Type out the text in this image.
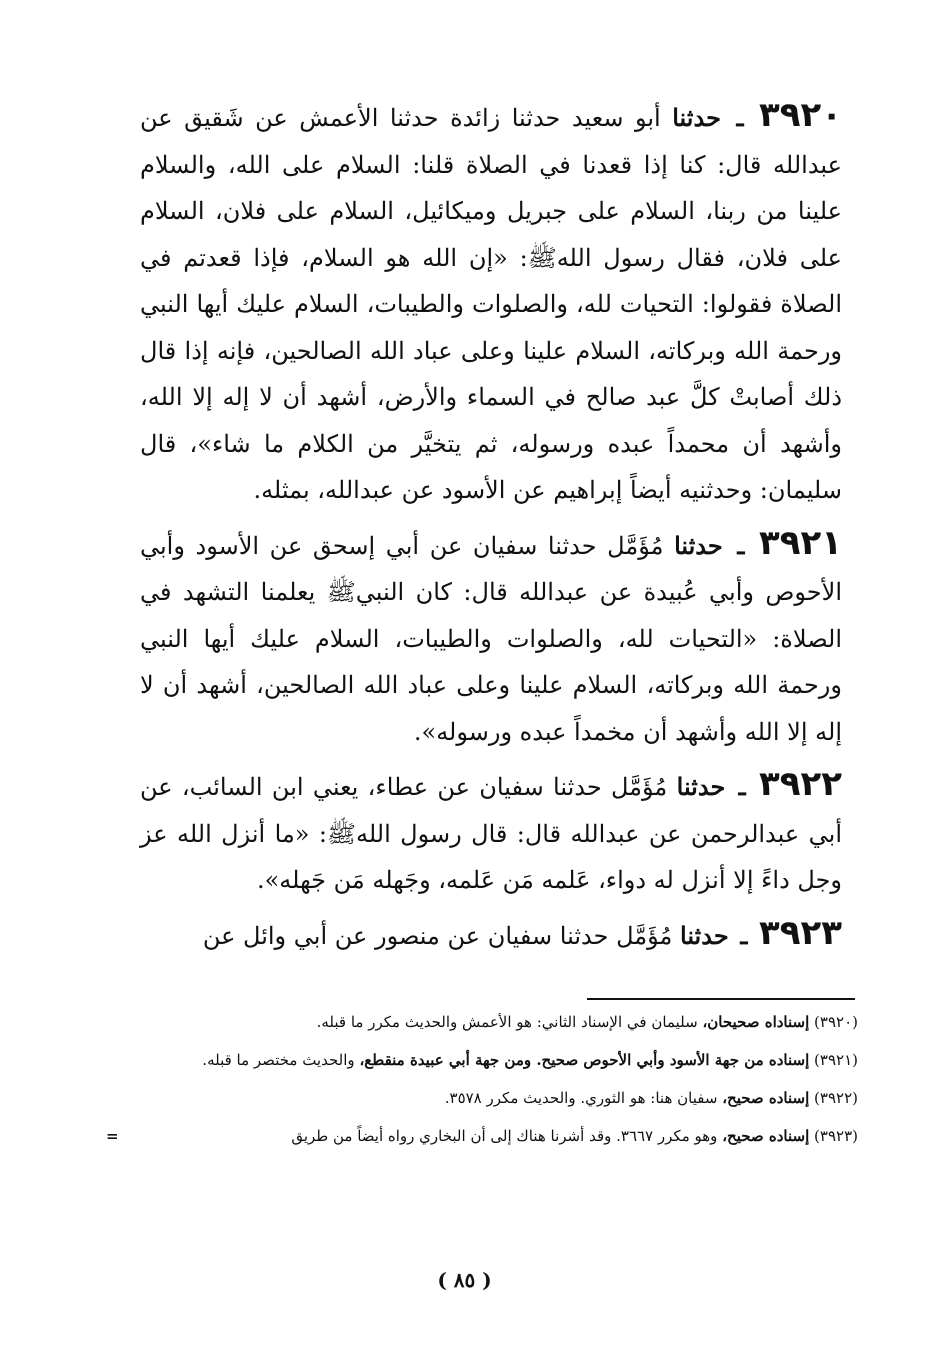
٣٩٢٠ ـ حدثنا أبو سعيد حدثنا زائدة حدثنا الأعمش عن شَقيق عن عبدالله قال: كنا إذا قعدنا في الصلاة قلنا: السلام على الله، والسلام علينا من ربنا، السلام على جبريل وميكائيل، السلام على فلان، السلام على فلان، فقال رسول اللهﷺ: «إن الله هو السلام، فإذا قعدتم في الصلاة فقولوا: التحيات لله، والصلوات والطيبات، السلام عليك أيها النبي ورحمة الله وبركاته، السلام علينا وعلى عباد الله الصالحين، فإنه إذا قال ذلك أصابتْ كلَّ عبد صالح في السماء والأرض، أشهد أن لا إله إلا الله، وأشهد أن محمداً عبده ورسوله، ثم يتخيَّر من الكلام ما شاء»، قال سليمان: وحدثنيه أيضاً إبراهيم عن الأسود عن عبدالله، بمثله.

٣٩٢١ ـ حدثنا مُؤَمَّل حدثنا سفيان عن أبي إسحق عن الأسود وأبي الأحوص وأبي عُبيدة عن عبدالله قال: كان النبيﷺ يعلمنا التشهد في الصلاة: «التحيات لله، والصلوات والطيبات، السلام عليك أيها النبي ورحمة الله وبركاته، السلام علينا وعلى عباد الله الصالحين، أشهد أن لا إله إلا الله وأشهد أن مخمداً عبده ورسوله».

٣٩٢٢ ـ حدثنا مُؤَمَّل حدثنا سفيان عن عطاء، يعني ابن السائب، عن أبي عبدالرحمن عن عبدالله قال: قال رسول اللهﷺ: «ما أنزل الله عز وجل داءً إلا أنزل له دواء، عَلمه مَن عَلمه، وجَهله مَن جَهله».

٣٩٢٣ ـ حدثنا مُؤَمَّل حدثنا سفيان عن منصور عن أبي وائل عن

(٣٩٢٠) إسناداه صحيحان، سليمان في الإسناد الثاني: هو الأعمش والحديث مكرر ما قبله.

(٣٩٢١) إسناده من جهة الأسود وأبي الأحوص صحيح. ومن جهة أبي عبيدة منقطع، والحديث مختصر ما قبله.

(٣٩٢٢) إسناده صحيح، سفيان هنا: هو الثوري. والحديث مكرر ٣٥٧٨.

(٣٩٢٣) إسناده صحيح، وهو مكرر ٣٦٦٧. وقد أشرنا هناك إلى أن البخاري رواه أيضاً من طريق
=

( ٨٥ )
